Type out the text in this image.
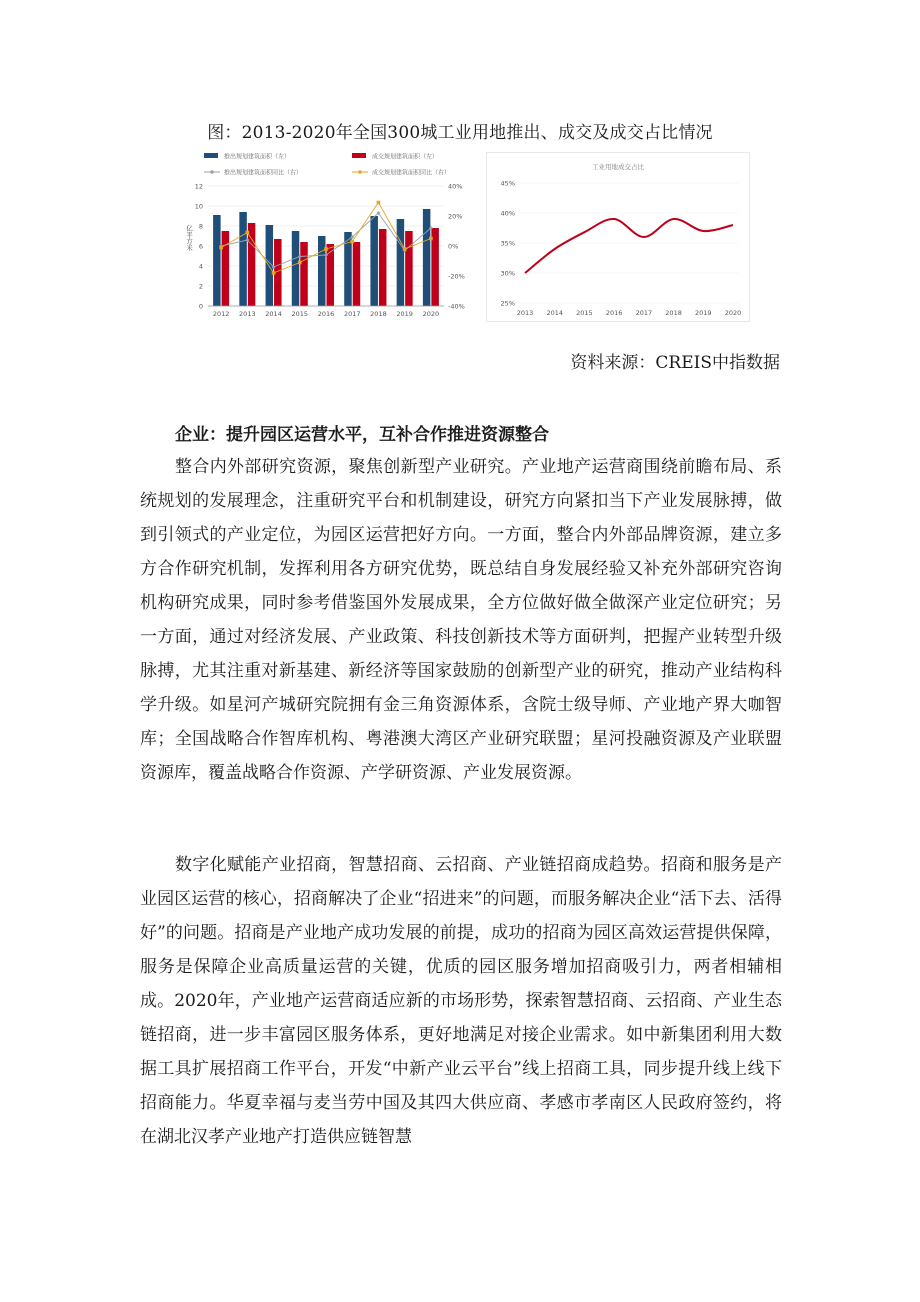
图：2013-2020年全国300城工业用地推出、成交及成交占比情况
推出规划建筑面积（左）	成交规划建筑面积（左）
推出规划建筑面积同比（右）	成交规划建筑面积同比（右）
0
2
4
6
8
10
12
-40%
-20%
0%
20%
40%
亿平方米
2012 2013 2014 2015 2016 2017 2018 2019 2020
工业用地成交占比
25%
30%
35%
40%
45%
2013 2014 2015 2016 2017 2018 2019 2020
资料来源：CREIS中指数据
企业：提升园区运营水平，互补合作推进资源整合

整合内外部研究资源，聚焦创新型产业研究。产业地产运营商围绕前瞻布局、系统规划的发展理念，注重研究平台和机制建设，研究方向紧扣当下产业发展脉搏，做到引领式的产业定位，为园区运营把好方向。一方面，整合内外部品牌资源，建立多方合作研究机制，发挥利用各方研究优势，既总结自身发展经验又补充外部研究咨询机构研究成果，同时参考借鉴国外发展成果，全方位做好做全做深产业定位研究；另一方面，通过对经济发展、产业政策、科技创新技术等方面研判，把握产业转型升级脉搏，尤其注重对新基建、新经济等国家鼓励的创新型产业的研究，推动产业结构科学升级。如星河产城研究院拥有金三角资源体系，含院士级导师、产业地产界大咖智库；全国战略合作智库机构、粤港澳大湾区产业研究联盟；星河投融资源及产业联盟资源库，覆盖战略合作资源、产学研资源、产业发展资源。

数字化赋能产业招商，智慧招商、云招商、产业链招商成趋势。招商和服务是产业园区运营的核心，招商解决了企业“招进来”的问题，而服务解决企业“活下去、活得好”的问题。招商是产业地产成功发展的前提，成功的招商为园区高效运营提供保障，服务是保障企业高质量运营的关键，优质的园区服务增加招商吸引力，两者相辅相成。2020年，产业地产运营商适应新的市场形势，探索智慧招商、云招商、产业生态链招商，进一步丰富园区服务体系，更好地满足对接企业需求。如中新集团利用大数据工具扩展招商工作平台，开发“中新产业云平台”线上招商工具，同步提升线上线下招商能力。华夏幸福与麦当劳中国及其四大供应商、孝感市孝南区人民政府签约，将在湖北汉孝产业地产打造供应链智慧
